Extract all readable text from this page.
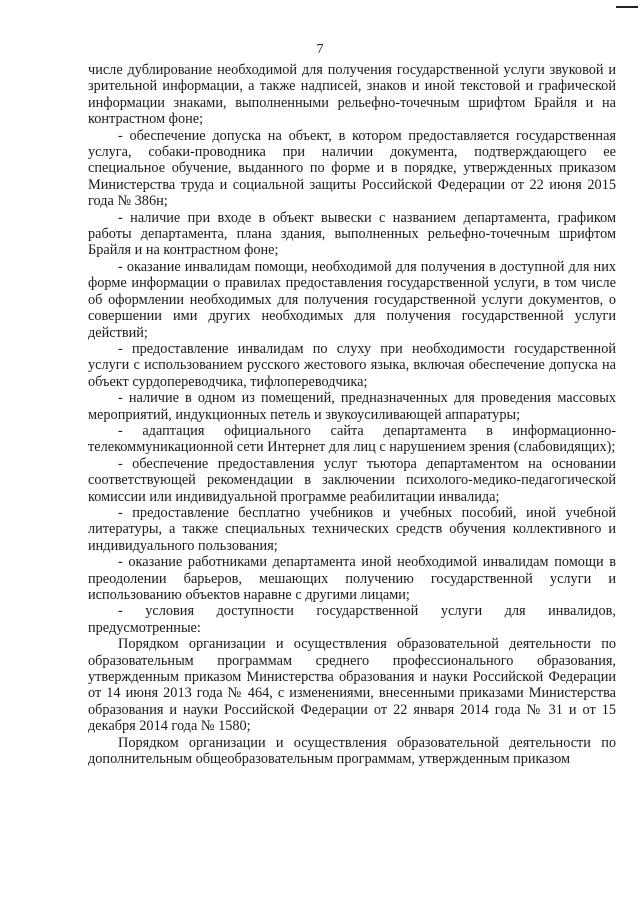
7

числе дублирование необходимой для получения государственной услуги звуковой и зрительной информации, а также надписей, знаков и иной текстовой и графической информации знаками, выполненными рельефно-точечным шрифтом Брайля и на контрастном фоне;

- обеспечение допуска на объект, в котором предоставляется государственная услуга, собаки-проводника при наличии документа, подтверждающего ее специальное обучение, выданного по форме и в порядке, утвержденных приказом Министерства труда и социальной защиты Российской Федерации от 22 июня 2015 года № 386н;

- наличие при входе в объект вывески с названием департамента, графиком работы департамента, плана здания, выполненных рельефно-точечным шрифтом Брайля и на контрастном фоне;

- оказание инвалидам помощи, необходимой для получения в доступной для них форме информации о правилах предоставления государственной услуги, в том числе об оформлении необходимых для получения государственной услуги документов, о совершении ими других необходимых для получения государственной услуги действий;

- предоставление инвалидам по слуху при необходимости государственной услуги с использованием русского жестового языка, включая обеспечение допуска на объект сурдопереводчика, тифлопереводчика;

- наличие в одном из помещений, предназначенных для проведения массовых мероприятий, индукционных петель и звукоусиливающей аппаратуры;

- адаптация официального сайта департамента в информационно-телекоммуникационной сети Интернет для лиц с нарушением зрения (слабовидящих);

- обеспечение предоставления услуг тьютора департаментом на основании соответствующей рекомендации в заключении психолого-медико-педагогической комиссии или индивидуальной программе реабилитации инвалида;

- предоставление бесплатно учебников и учебных пособий, иной учебной литературы, а также специальных технических средств обучения коллективного и индивидуального пользования;

- оказание работниками департамента иной необходимой инвалидам помощи в преодолении барьеров, мешающих получению государственной услуги и использованию объектов наравне с другими лицами;

- условия доступности государственной услуги для инвалидов, предусмотренные:

Порядком организации и осуществления образовательной деятельности по образовательным программам среднего профессионального образования, утвержденным приказом Министерства образования и науки Российской Федерации от 14 июня 2013 года № 464, с изменениями, внесенными приказами Министерства образования и науки Российской Федерации от 22 января 2014 года № 31 и от 15 декабря 2014 года № 1580;

Порядком организации и осуществления образовательной деятельности по дополнительным общеобразовательным программам, утвержденным приказом
